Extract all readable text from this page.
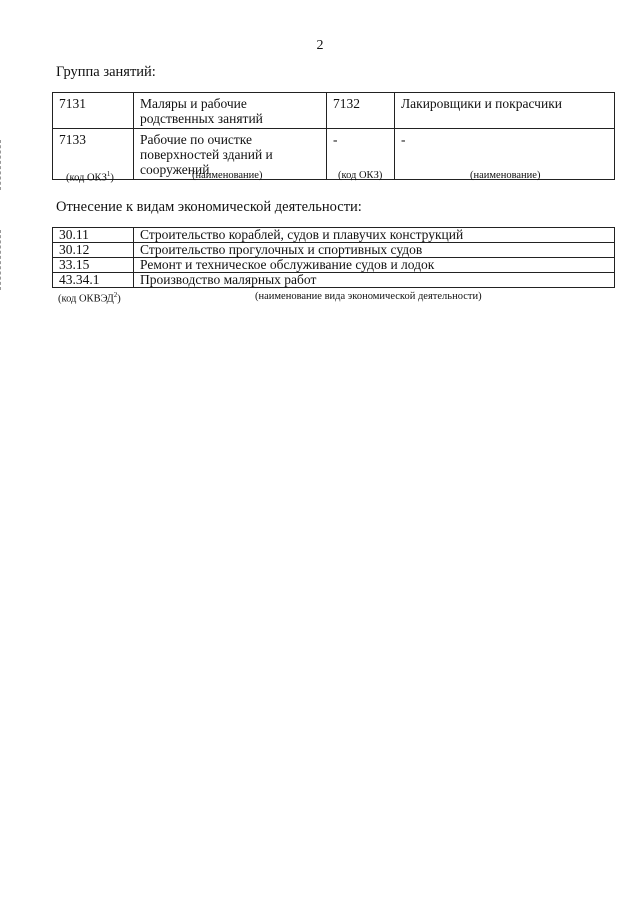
2
Группа занятий:
7131	Маляры и рабочие родственных занятий	7132	Лакировщики и покрасчики
7133	Рабочие по очистке поверхностей зданий и сооружений	-	-
(код ОКЗ$^1$)	(наименование)	(код ОКЗ)	(наименование)
Отнесение к видам экономической деятельности:
30.11	Строительство кораблей, судов и плавучих конструкций
30.12	Строительство прогулочных и спортивных судов
33.15	Ремонт и техническое обслуживание судов и лодок
43.34.1	Производство малярных работ
(код ОКВЭД$^2$)	(наименование вида экономической деятельности)
